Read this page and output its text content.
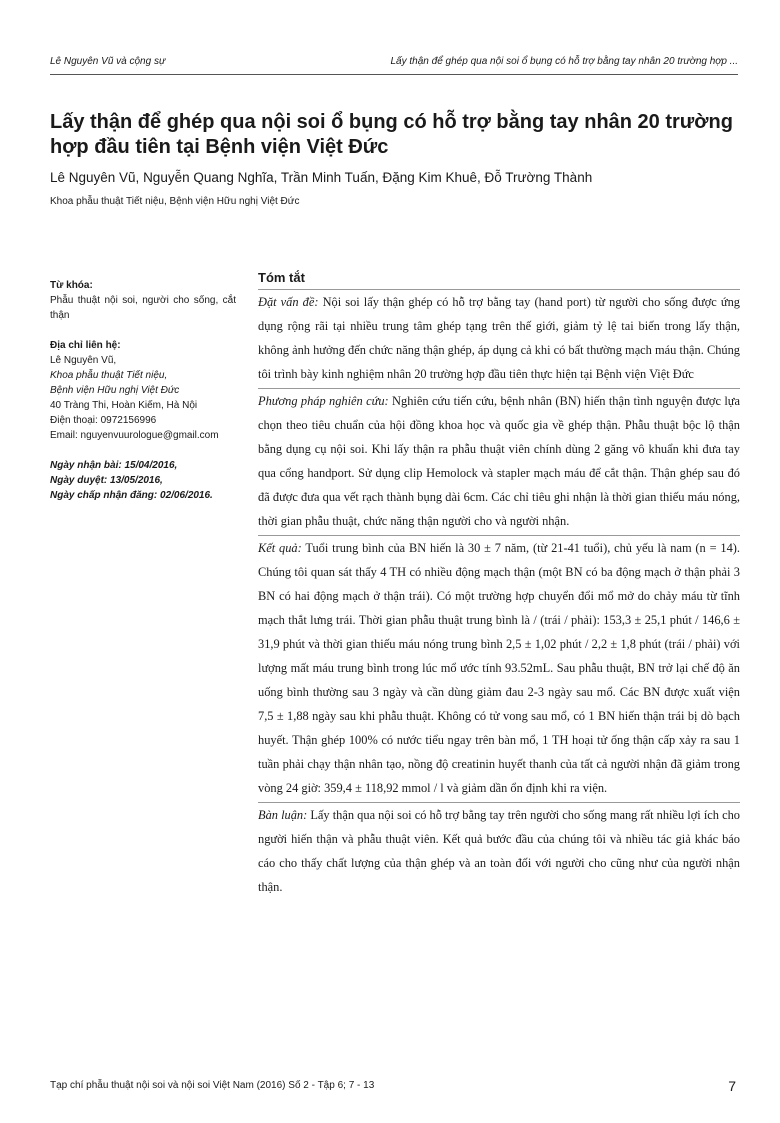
Lê Nguyên Vũ và cộng sự	Lấy thận để ghép qua nội soi ổ bụng có hỗ trợ bằng tay nhân 20 trường hợp ...
Lấy thận để ghép qua nội soi ổ bụng có hỗ trợ bằng tay nhân 20 trường hợp đầu tiên tại Bệnh viện Việt Đức
Lê Nguyên Vũ, Nguyễn Quang Nghĩa, Trần Minh Tuấn, Đặng Kim Khuê, Đỗ Trường Thành
Khoa phẫu thuật Tiết niệu, Bệnh viện Hữu nghị Việt Đức
Từ khóa:
Phẫu thuật nội soi, người cho sống, cắt thận
Địa chỉ liên hệ:
Lê Nguyên Vũ,
Khoa phẫu thuật Tiết niệu,
Bệnh viện Hữu nghị Việt Đức
40 Tràng Thi, Hoàn Kiếm, Hà Nội
Điện thoại: 0972156996
Email: nguyenvuurologue@gmail.com
Ngày nhận bài: 15/04/2016,
Ngày duyệt: 13/05/2016,
Ngày chấp nhận đăng: 02/06/2016.
Tóm tắt

Đặt vấn đề: Nội soi lấy thận ghép có hỗ trợ bằng tay (hand port) từ người cho sống được ứng dụng rộng rãi tại nhiều trung tâm ghép tạng trên thế giới, giảm tỷ lệ tai biến trong lấy thận, không ảnh hưởng đến chức năng thận ghép, áp dụng cả khi có bất thường mạch máu thận. Chúng tôi trình bày kinh nghiệm nhân 20 trường hợp đầu tiên thực hiện tại Bệnh viện Việt Đức

Phương pháp nghiên cứu: Nghiên cứu tiến cứu, bệnh nhân (BN) hiến thận tình nguyện được lựa chọn theo tiêu chuẩn của hội đồng khoa học và quốc gia về ghép thận. Phẫu thuật bộc lộ thận bằng dụng cụ nội soi. Khi lấy thận ra phẫu thuật viên chính dùng 2 găng vô khuẩn khi đưa tay qua cổng handport. Sử dụng clip Hemolock và stapler mạch máu để cắt thận. Thận ghép sau đó đã được đưa qua vết rạch thành bụng dài 6cm. Các chỉ tiêu ghi nhận là thời gian thiếu máu nóng, thời gian phẫu thuật, chức năng thận người cho và người nhận.

Kết quả: Tuổi trung bình của BN hiến là 30 ± 7 năm, (từ 21-41 tuổi), chủ yếu là nam (n = 14). Chúng tôi quan sát thấy 4 TH có nhiều động mạch thận (một BN có ba động mạch ở thận phải 3 BN có hai động mạch ở thận trái). Có một trường hợp chuyển đổi mổ mở do chảy máu từ tĩnh mạch thắt lưng trái. Thời gian phẫu thuật trung bình là / (trái / phải): 153,3 ± 25,1 phút / 146,6 ± 31,9 phút và thời gian thiếu máu nóng trung bình 2,5 ± 1,02 phút / 2,2 ± 1,8 phút (trái / phải) với lượng mất máu trung bình trong lúc mổ ước tính 93.52mL. Sau phẫu thuật, BN trở lại chế độ ăn uống bình thường sau 3 ngày và cần dùng giảm đau 2-3 ngày sau mổ. Các BN được xuất viện 7,5 ± 1,88 ngày sau khi phẫu thuật. Không có tử vong sau mổ, có 1 BN hiến thận trái bị dò bạch huyết. Thận ghép 100% có nước tiểu ngay trên bàn mổ, 1 TH hoại tử ống thận cấp xảy ra sau 1 tuần phải chạy thận nhân tạo, nồng độ creatinin huyết thanh của tất cả người nhận đã giảm trong vòng 24 giờ: 359,4 ± 118,92 mmol / l và giảm dần ổn định khi ra viện.

Bàn luận: Lấy thận qua nội soi có hỗ trợ bằng tay trên người cho sống mang rất nhiều lợi ích cho người hiến thận và phẫu thuật viên. Kết quả bước đầu của chúng tôi và nhiều tác giả khác báo cáo cho thấy chất lượng của thận ghép và an toàn đối với người cho cũng như của người nhận thận.

Tạp chí phẫu thuật nội soi và nội soi Việt Nam (2016) Số 2 - Tập 6; 7 - 13	7
